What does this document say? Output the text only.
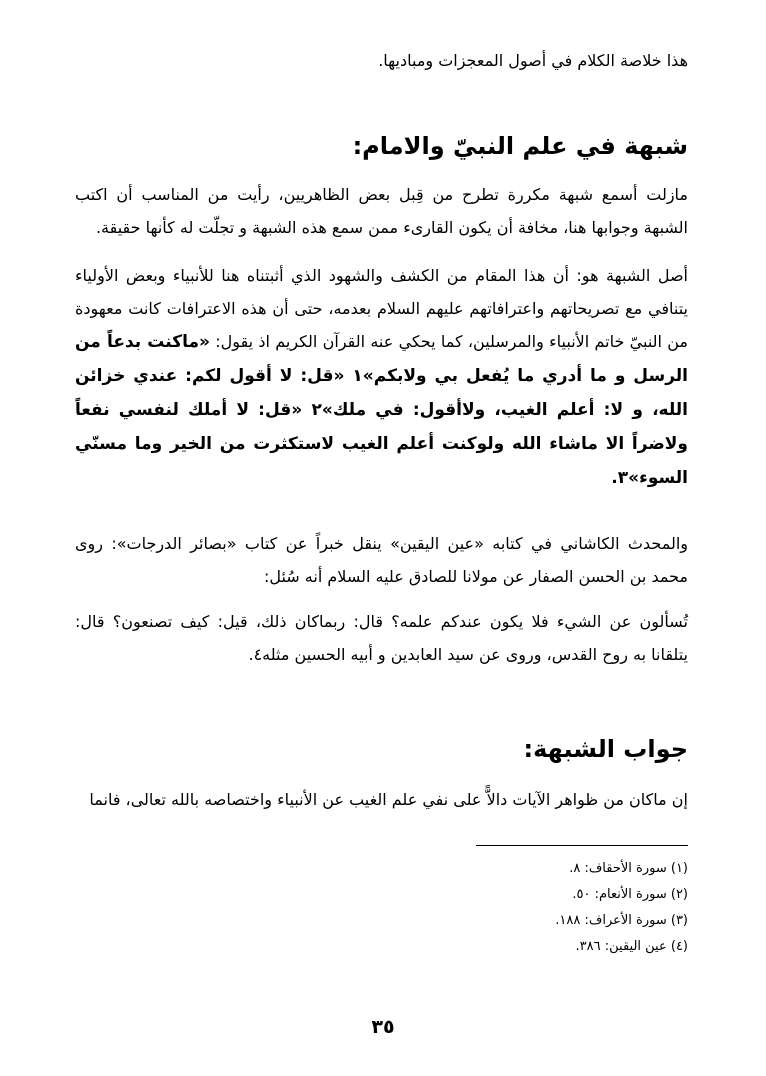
هذا خلاصة الكلام في أصول المعجزات ومباديها.

شبهة في علم النبيّ والامام:

مازلت أسمع شبهة مكررة تطرح من قِبل بعض الظاهريين، رأيت من المناسب أن اكتب الشبهة وجوابها هنا، مخافة أن يكون القارىء ممن سمع هذه الشبهة و تجلّت له كأنها حقيقة.

أصل الشبهة هو: أن هذا المقام من الكشف والشهود الذي أثبتناه هنا للأنبياء وبعض الأولياء يتنافي مع تصريحاتهم واعترافاتهم عليهم السلام بعدمه، حتى أن هذه الاعترافات كانت معهودة من النبيّ خاتم الأنبياء والمرسلين، كما يحكي عنه القرآن الكريم اذ يقول: «ماكنت بدعاً من الرسل و ما أدري ما يُفعل بي ولابكم»١ «قل: لا أقول لكم: عندي خزائن الله، و لا: أعلم الغيب، ولاأقول: في ملك»٢ «قل: لا أملك لنفسي نفعاً ولاضراً الا ماشاء الله ولوكنت أعلم الغيب لاستكثرت من الخير وما مسنّي السوء»٣.

والمحدث الكاشاني في كتابه «عين اليقين» ينقل خبراً عن كتاب «بصائر الدرجات»: روى محمد بن الحسن الصفار عن مولانا للصادق عليه السلام أنه سُئل:

تُسألون عن الشيء فلا يكون عندكم علمه؟ قال: ربماكان ذلك، قيل: كيف تصنعون؟ قال: يتلقانا به روح القدس، وروى عن سيد العابدين و أبيه الحسين مثله٤.

جواب الشبهة:

إن ماكان من ظواهر الآيات دالاًّ على نفي علم الغيب عن الأنبياء واختصاصه بالله تعالى، فانما

(١) سورة الأحقاف: ٨.
(٢) سورة الأنعام: ٥٠.
(٣) سورة الأعراف: ١٨٨.
(٤) عين اليقين: ٣٨٦.
٣٥
